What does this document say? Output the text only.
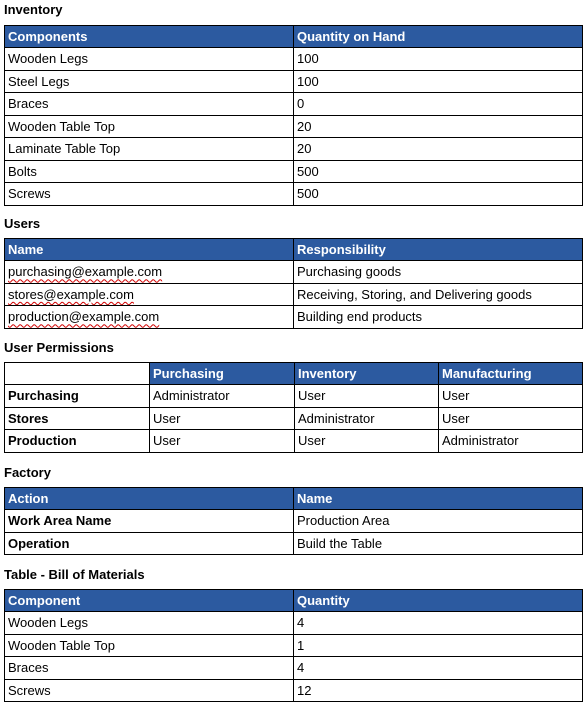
Inventory
Components	Quantity on Hand
Wooden Legs	100
Steel Legs	100
Braces	0
Wooden Table Top	20
Laminate Table Top	20
Bolts	500
Screws	500
Users
Name	Responsibility
purchasing@example.com	Purchasing goods
stores@example.com	Receiving, Storing, and Delivering goods
production@example.com	Building end products
User Permissions
	Purchasing	Inventory	Manufacturing
Purchasing	Administrator	User	User
Stores	User	Administrator	User
Production	User	User	Administrator
Factory
Action	Name
Work Area Name	Production Area
Operation	Build the Table
Table - Bill of Materials
Component	Quantity
Wooden Legs	4
Wooden Table Top	1
Braces	4
Screws	12
